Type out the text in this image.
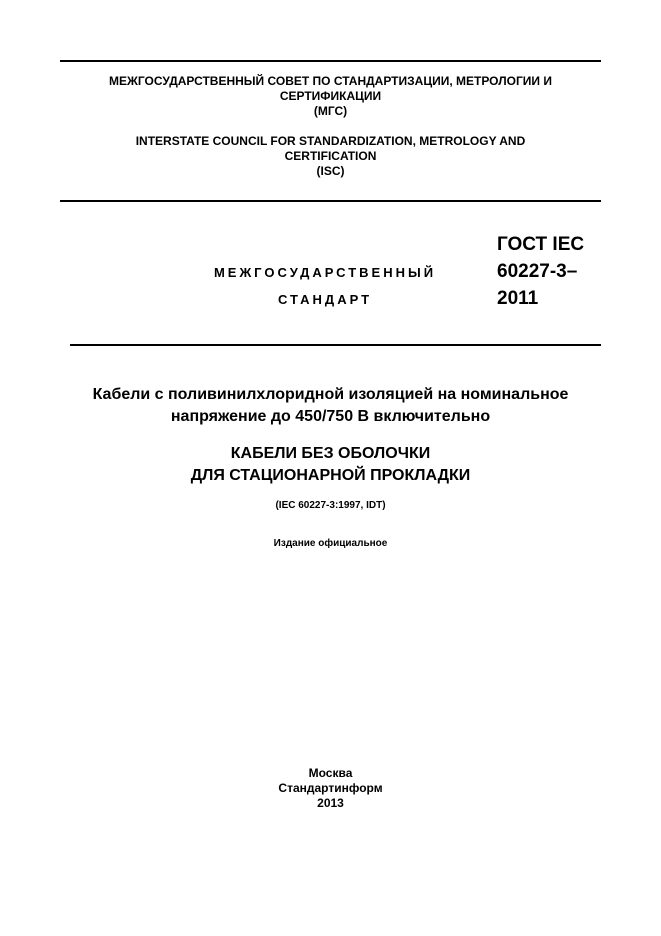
МЕЖГОСУДАРСТВЕННЫЙ СОВЕТ ПО СТАНДАРТИЗАЦИИ, МЕТРОЛОГИИ И
СЕРТИФИКАЦИИ
(МГС)
INTERSTATE COUNCIL FOR STANDARDIZATION, METROLOGY AND
CERTIFICATION
(ISC)
МЕЖГОСУДАРСТВЕННЫЙ
СТАНДАРТ
ГОСТ IEC
60227-3–
2011
Кабели с поливинилхлоридной изоляцией на номинальное
напряжение до 450/750 В включительно
КАБЕЛИ БЕЗ ОБОЛОЧКИ
ДЛЯ СТАЦИОНАРНОЙ ПРОКЛАДКИ
(IEC 60227-3:1997, IDT)
Издание официальное
Москва
Стандартинформ
2013
